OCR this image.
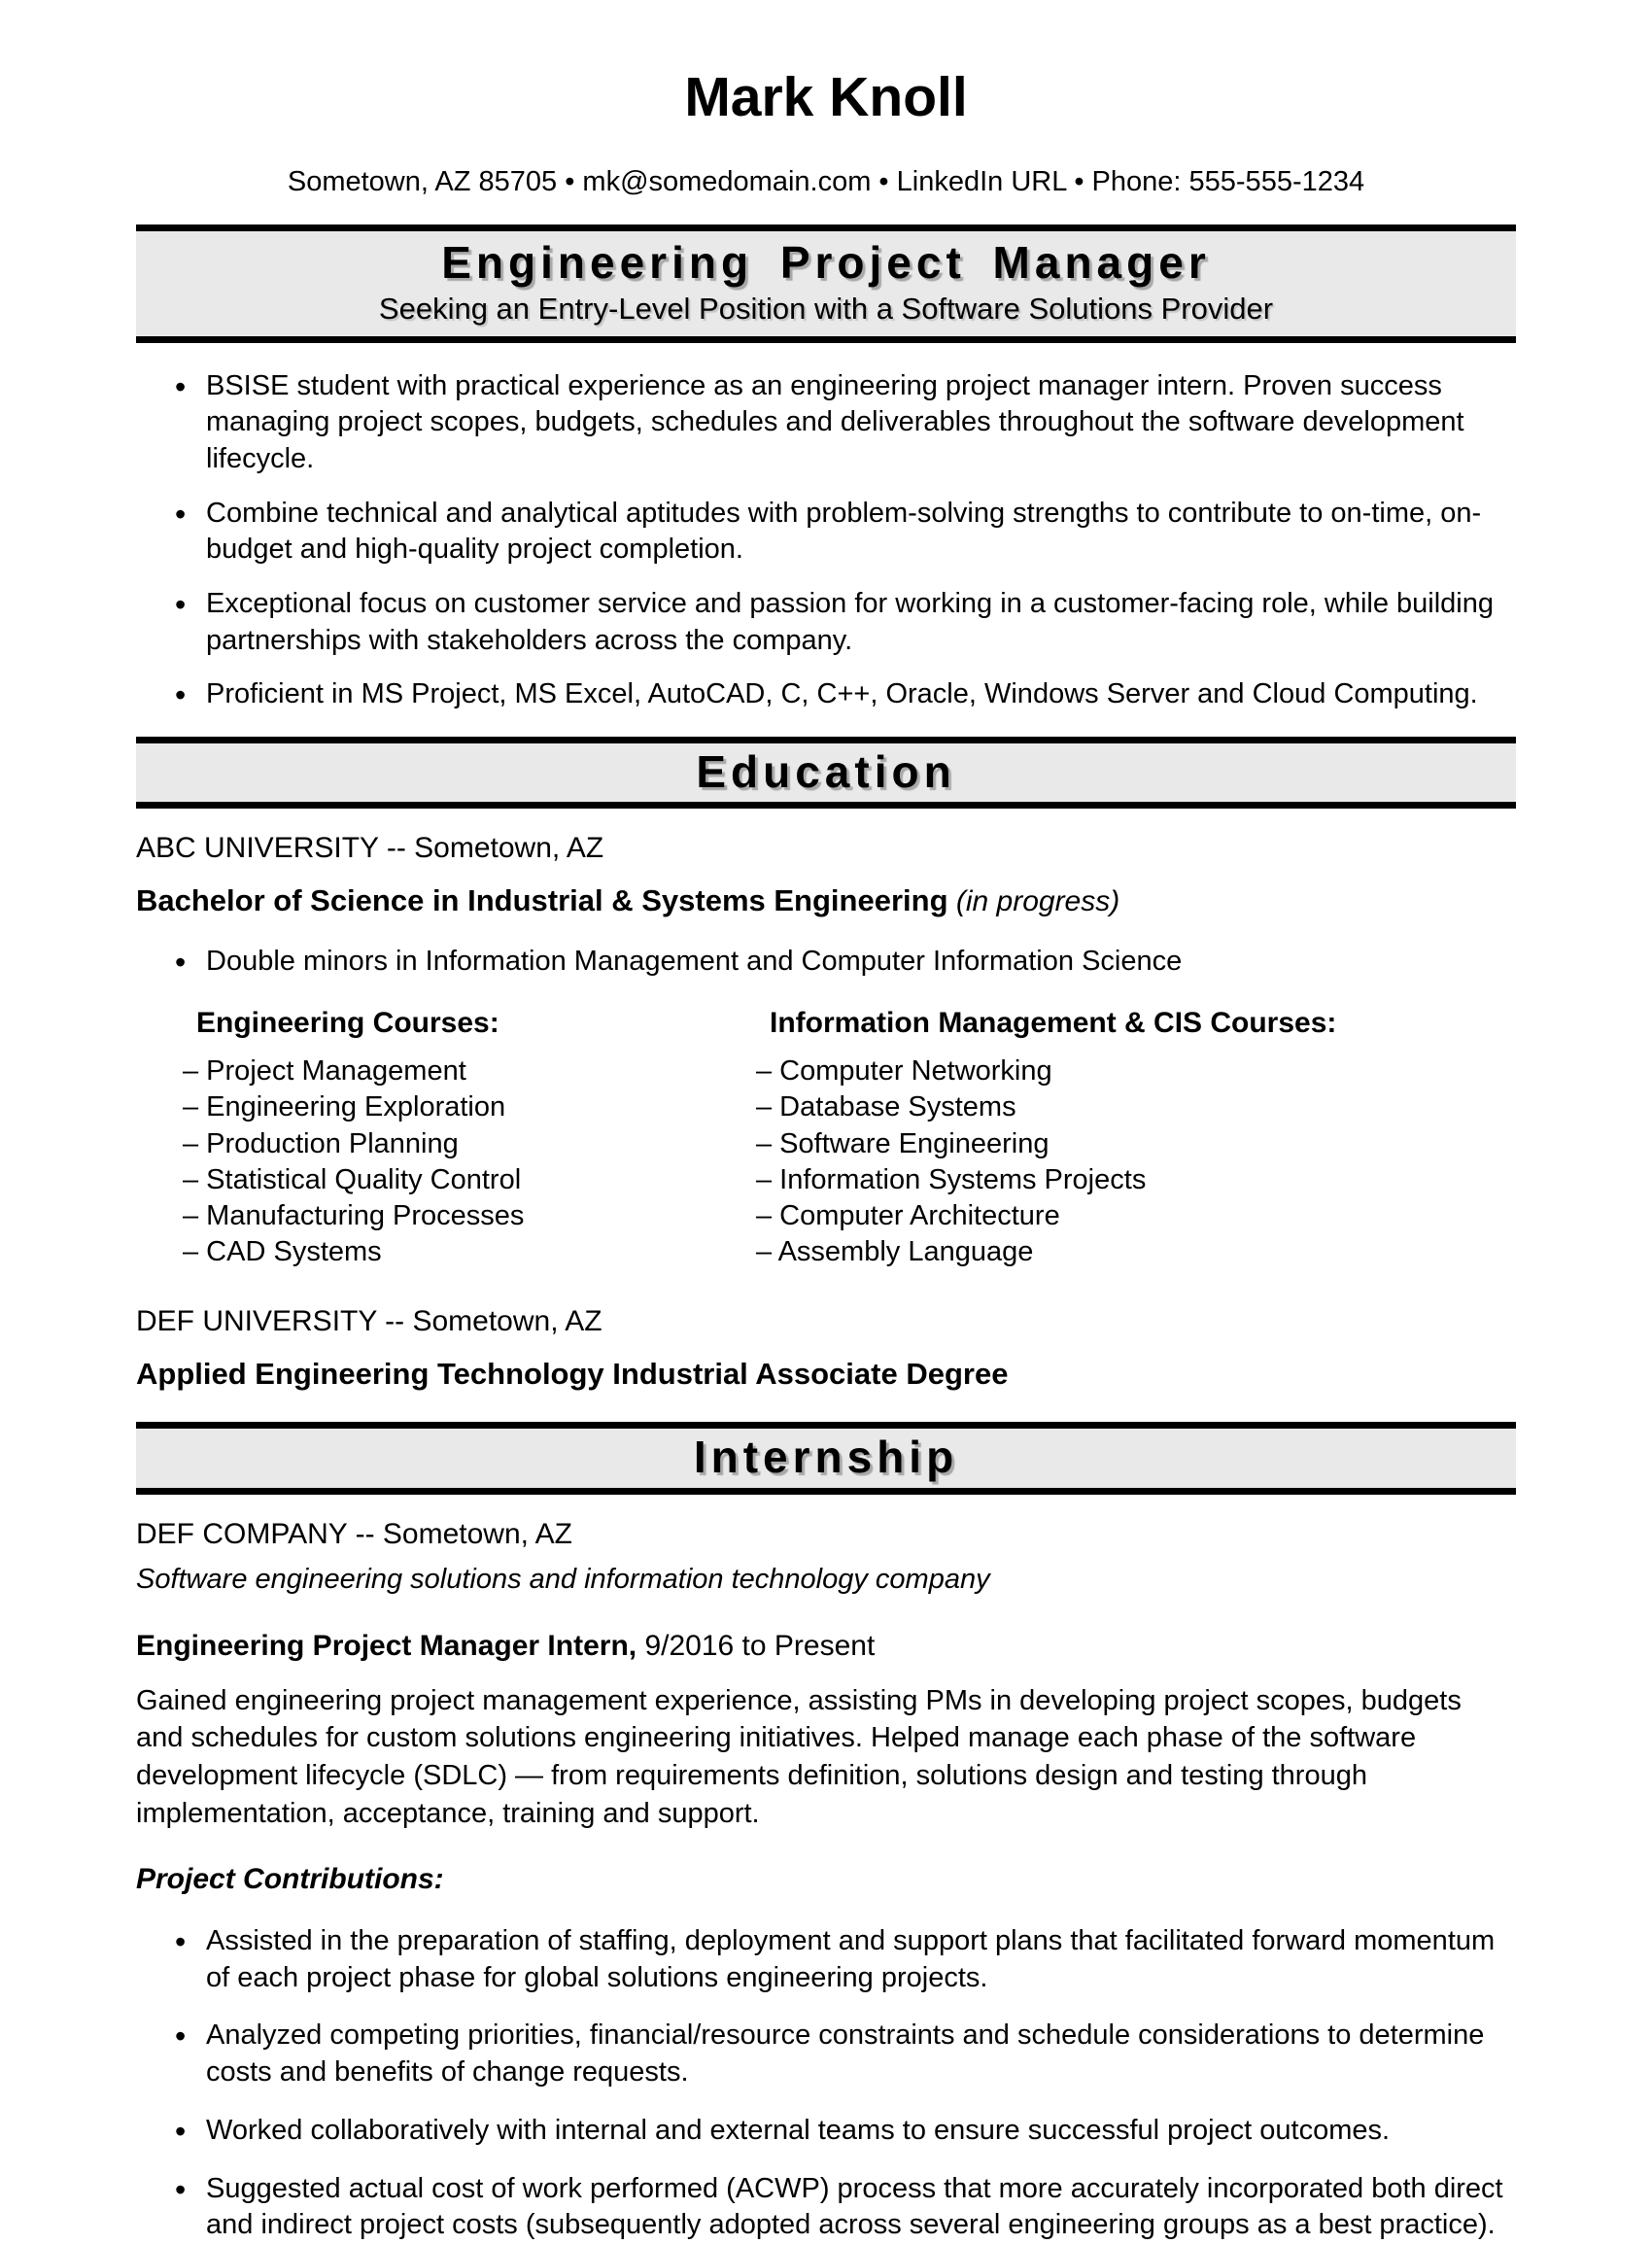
Mark Knoll
Sometown, AZ 85705 • mk@somedomain.com • LinkedIn URL • Phone: 555-555-1234
Engineering Project Manager
Seeking an Entry-Level Position with a Software Solutions Provider
• BSISE student with practical experience as an engineering project manager intern. Proven success managing project scopes, budgets, schedules and deliverables throughout the software development lifecycle.
• Combine technical and analytical aptitudes with problem-solving strengths to contribute to on-time, on-budget and high-quality project completion.
• Exceptional focus on customer service and passion for working in a customer-facing role, while building partnerships with stakeholders across the company.
• Proficient in MS Project, MS Excel, AutoCAD, C, C++, Oracle, Windows Server and Cloud Computing.
Education
ABC UNIVERSITY -- Sometown, AZ
Bachelor of Science in Industrial & Systems Engineering (in progress)
• Double minors in Information Management and Computer Information Science
Engineering Courses:
– Project Management
– Engineering Exploration
– Production Planning
– Statistical Quality Control
– Manufacturing Processes
– CAD Systems
Information Management & CIS Courses:
– Computer Networking
– Database Systems
– Software Engineering
– Information Systems Projects
– Computer Architecture
– Assembly Language
DEF UNIVERSITY -- Sometown, AZ
Applied Engineering Technology Industrial Associate Degree
Internship
DEF COMPANY -- Sometown, AZ
Software engineering solutions and information technology company
Engineering Project Manager Intern, 9/2016 to Present

Gained engineering project management experience, assisting PMs in developing project scopes, budgets and schedules for custom solutions engineering initiatives. Helped manage each phase of the software development lifecycle (SDLC) — from requirements definition, solutions design and testing through implementation, acceptance, training and support.

Project Contributions:
• Assisted in the preparation of staffing, deployment and support plans that facilitated forward momentum of each project phase for global solutions engineering projects.
• Analyzed competing priorities, financial/resource constraints and schedule considerations to determine costs and benefits of change requests.
• Worked collaboratively with internal and external teams to ensure successful project outcomes.
• Suggested actual cost of work performed (ACWP) process that more accurately incorporated both direct and indirect project costs (subsequently adopted across several engineering groups as a best practice).
